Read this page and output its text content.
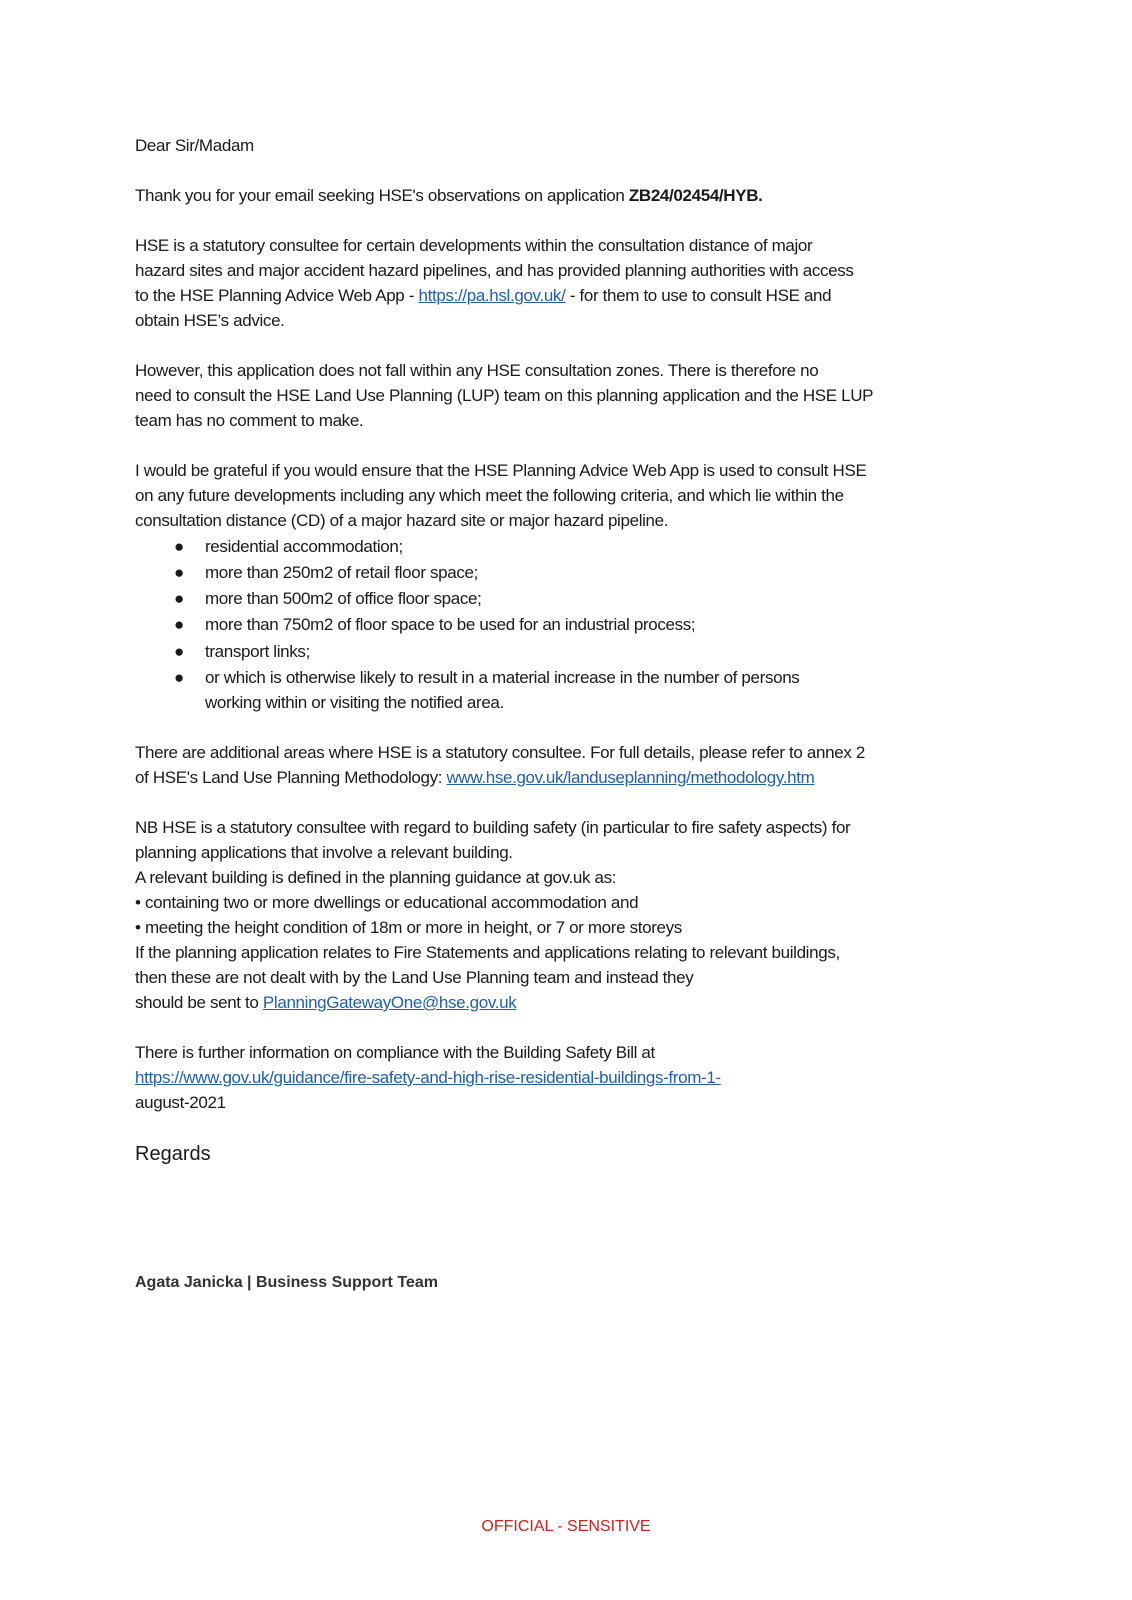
Dear Sir/Madam
Thank you for your email seeking HSE's observations on application ZB24/02454/HYB.
HSE is a statutory consultee for certain developments within the consultation distance of major
hazard sites and major accident hazard pipelines, and has provided planning authorities with access
to the HSE Planning Advice Web App - https://pa.hsl.gov.uk/ - for them to use to consult HSE and
obtain HSE’s advice.
However, this application does not fall within any HSE consultation zones. There is therefore no
need to consult the HSE Land Use Planning (LUP) team on this planning application and the HSE LUP
team has no comment to make.
I would be grateful if you would ensure that the HSE Planning Advice Web App is used to consult HSE
on any future developments including any which meet the following criteria, and which lie within the
consultation distance (CD) of a major hazard site or major hazard pipeline.
● residential accommodation;
● more than 250m2 of retail floor space;
● more than 500m2 of office floor space;
● more than 750m2 of floor space to be used for an industrial process;
● transport links;
● or which is otherwise likely to result in a material increase in the number of persons
working within or visiting the notified area.
There are additional areas where HSE is a statutory consultee. For full details, please refer to annex 2
of HSE's Land Use Planning Methodology: www.hse.gov.uk/landuseplanning/methodology.htm
NB HSE is a statutory consultee with regard to building safety (in particular to fire safety aspects) for
planning applications that involve a relevant building.
A relevant building is defined in the planning guidance at gov.uk as:
• containing two or more dwellings or educational accommodation and
• meeting the height condition of 18m or more in height, or 7 or more storeys
If the planning application relates to Fire Statements and applications relating to relevant buildings,
then these are not dealt with by the Land Use Planning team and instead they
should be sent to PlanningGatewayOne@hse.gov.uk
There is further information on compliance with the Building Safety Bill at
https://www.gov.uk/guidance/fire-safety-and-high-rise-residential-buildings-from-1-
august-2021
Regards
Agata Janicka | Business Support Team
OFFICIAL - SENSITIVE
